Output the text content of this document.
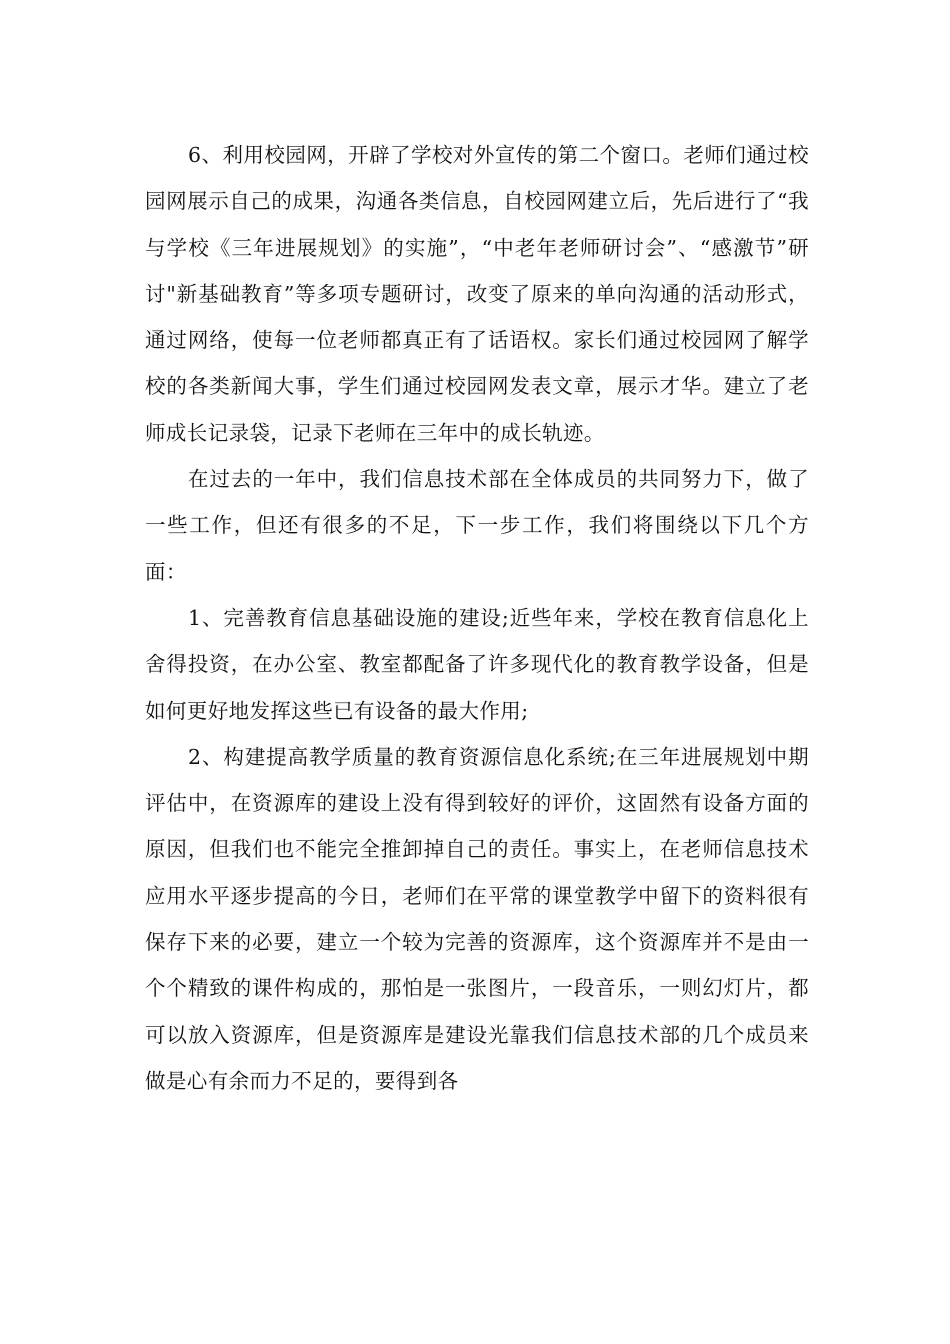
6、利用校园网，开辟了学校对外宣传的第二个窗口。老师们通过校园网展示自己的成果，沟通各类信息，自校园网建立后，先后进行了“我与学校《三年进展规划》的实施”，“中老年老师研讨会”、“感激节”研讨"新基础教育”等多项专题研讨，改变了原来的单向沟通的活动形式，通过网络，使每一位老师都真正有了话语权。家长们通过校园网了解学校的各类新闻大事，学生们通过校园网发表文章，展示才华。建立了老师成长记录袋，记录下老师在三年中的成长轨迹。

在过去的一年中，我们信息技术部在全体成员的共同努力下，做了一些工作，但还有很多的不足，下一步工作，我们将围绕以下几个方面：

1、完善教育信息基础设施的建设;近些年来，学校在教育信息化上舍得投资，在办公室、教室都配备了许多现代化的教育教学设备，但是如何更好地发挥这些已有设备的最大作用;

2、构建提高教学质量的教育资源信息化系统;在三年进展规划中期评估中，在资源库的建设上没有得到较好的评价，这固然有设备方面的原因，但我们也不能完全推卸掉自己的责任。事实上，在老师信息技术应用水平逐步提高的今日，老师们在平常的课堂教学中留下的资料很有保存下来的必要，建立一个较为完善的资源库，这个资源库并不是由一个个精致的课件构成的，那怕是一张图片，一段音乐，一则幻灯片，都可以放入资源库，但是资源库是建设光靠我们信息技术部的几个成员来做是心有余而力不足的，要得到各
